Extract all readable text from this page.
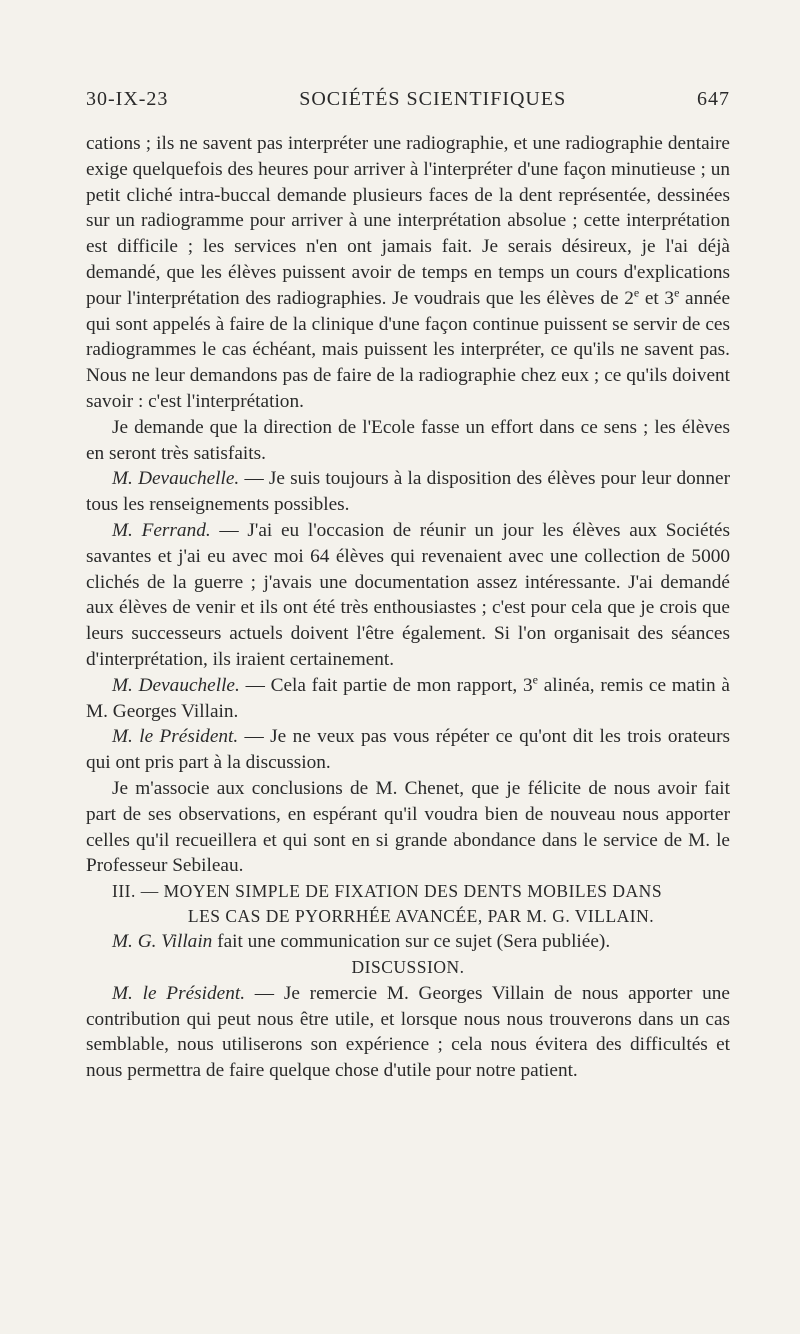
30-IX-23	SOCIÉTÉS SCIENTIFIQUES	647

cations ; ils ne savent pas interpréter une radiographie, et une radiographie dentaire exige quelquefois des heures pour arriver à l'interpréter d'une façon minutieuse ; un petit cliché intra-buccal demande plusieurs faces de la dent représentée, dessinées sur un radiogramme pour arriver à une interprétation absolue ; cette interprétation est difficile ; les services n'en ont jamais fait. Je serais désireux, je l'ai déjà demandé, que les élèves puissent avoir de temps en temps un cours d'explications pour l'interprétation des radiographies. Je voudrais que les élèves de 2e et 3e année qui sont appelés à faire de la clinique d'une façon continue puissent se servir de ces radiogrammes le cas échéant, mais puissent les interpréter, ce qu'ils ne savent pas. Nous ne leur demandons pas de faire de la radiographie chez eux ; ce qu'ils doivent savoir : c'est l'interprétation.

Je demande que la direction de l'Ecole fasse un effort dans ce sens ; les élèves en seront très satisfaits.

M. Devauchelle. — Je suis toujours à la disposition des élèves pour leur donner tous les renseignements possibles.

M. Ferrand. — J'ai eu l'occasion de réunir un jour les élèves aux Sociétés savantes et j'ai eu avec moi 64 élèves qui revenaient avec une collection de 5000 clichés de la guerre ; j'avais une documentation assez intéressante. J'ai demandé aux élèves de venir et ils ont été très enthousiastes ; c'est pour cela que je crois que leurs successeurs actuels doivent l'être également. Si l'on organisait des séances d'interprétation, ils iraient certainement.

M. Devauchelle. — Cela fait partie de mon rapport, 3e alinéa, remis ce matin à M. Georges Villain.

M. le Président. — Je ne veux pas vous répéter ce qu'ont dit les trois orateurs qui ont pris part à la discussion.

Je m'associe aux conclusions de M. Chenet, que je félicite de nous avoir fait part de ses observations, en espérant qu'il voudra bien de nouveau nous apporter celles qu'il recueillera et qui sont en si grande abondance dans le service de M. le Professeur Sebileau.

III. — MOYEN SIMPLE DE FIXATION DES DENTS MOBILES DANS
LES CAS DE PYORRHÉE AVANCÉE, PAR M. G. VILLAIN.

M. G. Villain fait une communication sur ce sujet (Sera publiée).

DISCUSSION.

M. le Président. — Je remercie M. Georges Villain de nous apporter une contribution qui peut nous être utile, et lorsque nous nous trouverons dans un cas semblable, nous utiliserons son expérience ; cela nous évitera des difficultés et nous permettra de faire quelque chose d'utile pour notre patient.
